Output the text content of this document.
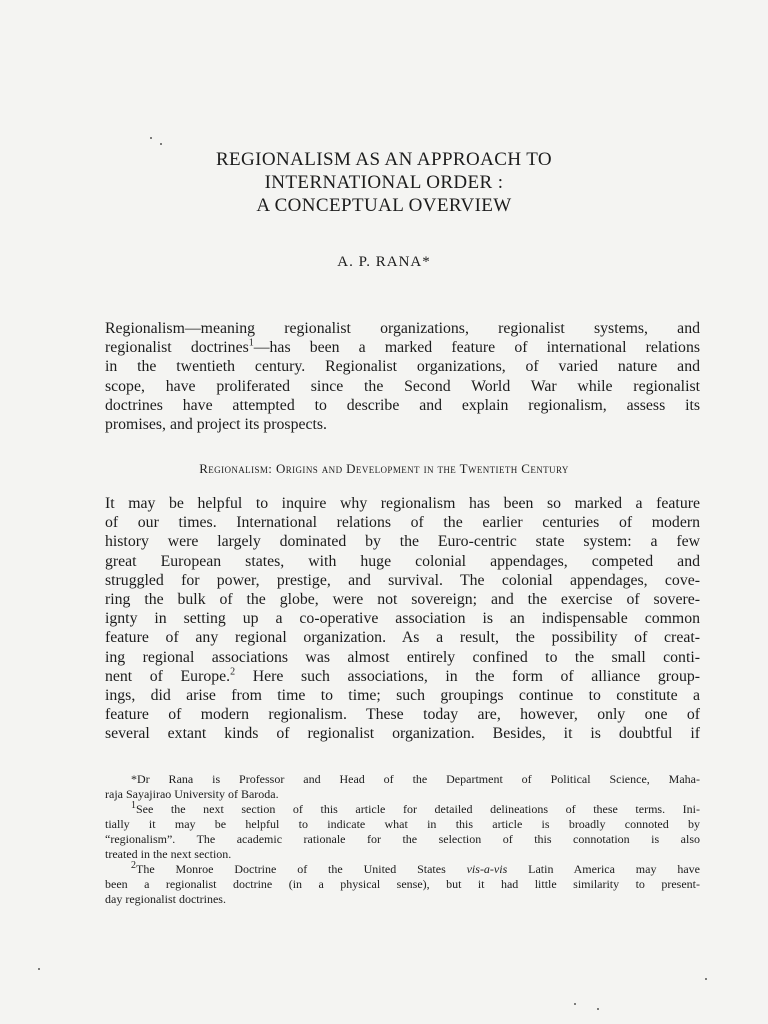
REGIONALISM AS AN APPROACH TO
INTERNATIONAL ORDER :
A CONCEPTUAL OVERVIEW
A. P. RANA*
Regionalism—meaning regionalist organizations, regionalist systems, and
regionalist doctrines$^1$—has been a marked feature of international relations
in the twentieth century. Regionalist organizations, of varied nature and
scope, have proliferated since the Second World War while regionalist
doctrines have attempted to describe and explain regionalism, assess its
promises, and project its prospects.
Regionalism: Origins and Development in the Twentieth Century
It may be helpful to inquire why regionalism has been so marked a feature
of our times. International relations of the earlier centuries of modern
history were largely dominated by the Euro-centric state system: a few
great European states, with huge colonial appendages, competed and
struggled for power, prestige, and survival. The colonial appendages, cove-
ring the bulk of the globe, were not sovereign; and the exercise of sovere-
ignty in setting up a co-operative association is an indispensable common
feature of any regional organization. As a result, the possibility of creat-
ing regional associations was almost entirely confined to the small conti-
nent of Europe.$^2$ Here such associations, in the form of alliance group-
ings, did arise from time to time; such groupings continue to constitute a
feature of modern regionalism. These today are, however, only one of
several extant kinds of regionalist organization. Besides, it is doubtful if
*Dr Rana is Professor and Head of the Department of Political Science, Maha-
raja Sayajirao University of Baroda.
$^1$See the next section of this article for detailed delineations of these terms. Ini-
tially it may be helpful to indicate what in this article is broadly connoted by
“regionalism”. The academic rationale for the selection of this connotation is also
treated in the next section.
$^2$The Monroe Doctrine of the United States vis-a-vis Latin America may have
been a regionalist doctrine (in a physical sense), but it had little similarity to present-
day regionalist doctrines.
